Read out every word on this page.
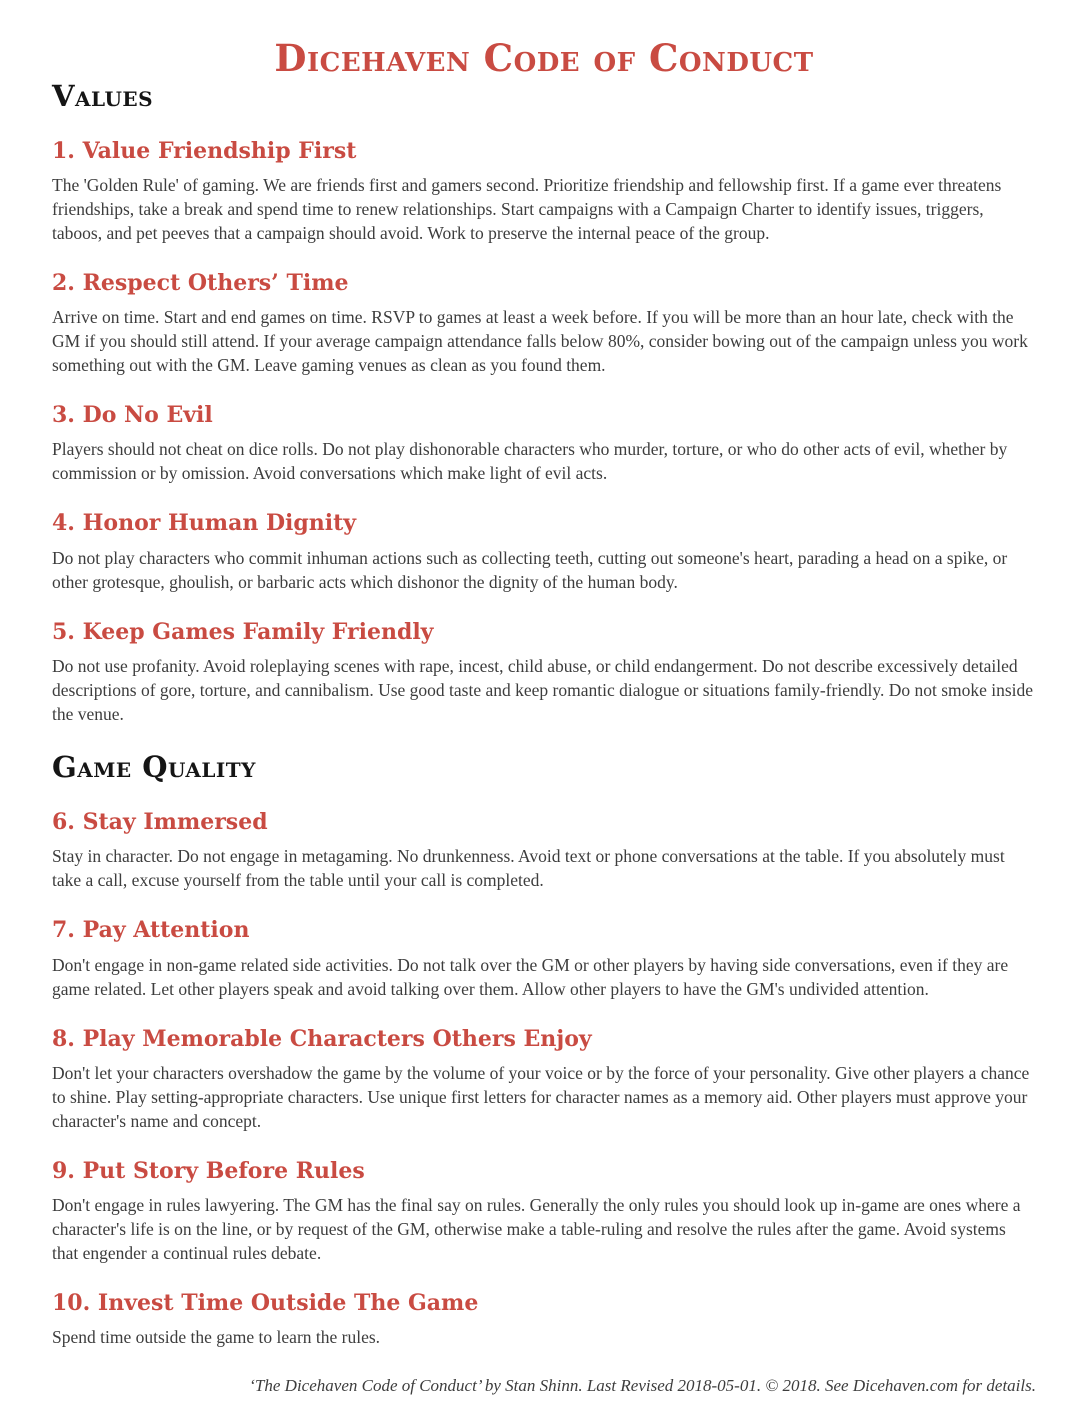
Dicehaven Code of Conduct
Values
1. Value Friendship First

The 'Golden Rule' of gaming. We are friends first and gamers second. Prioritize friendship and fellowship first. If a game ever threatens friendships, take a break and spend time to renew relationships. Start campaigns with a Campaign Charter to identify issues, triggers, taboos, and pet peeves that a campaign should avoid. Work to preserve the internal peace of the group.

2. Respect Others’ Time

Arrive on time. Start and end games on time. RSVP to games at least a week before. If you will be more than an hour late, check with the GM if you should still attend. If your average campaign attendance falls below 80%, consider bowing out of the campaign unless you work something out with the GM. Leave gaming venues as clean as you found them.

3. Do No Evil

Players should not cheat on dice rolls. Do not play dishonorable characters who murder, torture, or who do other acts of evil, whether by commission or by omission. Avoid conversations which make light of evil acts.

4. Honor Human Dignity

Do not play characters who commit inhuman actions such as collecting teeth, cutting out someone's heart, parading a head on a spike, or other grotesque, ghoulish, or barbaric acts which dishonor the dignity of the human body.

5. Keep Games Family Friendly

Do not use profanity. Avoid roleplaying scenes with rape, incest, child abuse, or child endangerment. Do not describe excessively detailed descriptions of gore, torture, and cannibalism. Use good taste and keep romantic dialogue or situations family-friendly. Do not smoke inside the venue.

Game Quality
6. Stay Immersed

Stay in character. Do not engage in metagaming. No drunkenness. Avoid text or phone conversations at the table. If you absolutely must take a call, excuse yourself from the table until your call is completed.

7. Pay Attention

Don't engage in non-game related side activities. Do not talk over the GM or other players by having side conversations, even if they are game related. Let other players speak and avoid talking over them. Allow other players to have the GM's undivided attention.

8. Play Memorable Characters Others Enjoy

Don't let your characters overshadow the game by the volume of your voice or by the force of your personality. Give other players a chance to shine. Play setting-appropriate characters. Use unique first letters for character names as a memory aid. Other players must approve your character's name and concept.

9. Put Story Before Rules

Don't engage in rules lawyering. The GM has the final say on rules. Generally the only rules you should look up in-game are ones where a character's life is on the line, or by request of the GM, otherwise make a table-ruling and resolve the rules after the game. Avoid systems that engender a continual rules debate.

10. Invest Time Outside The Game

Spend time outside the game to learn the rules.

‘The Dicehaven Code of Conduct’ by Stan Shinn. Last Revised 2018-05-01. © 2018. See Dicehaven.com for details.
